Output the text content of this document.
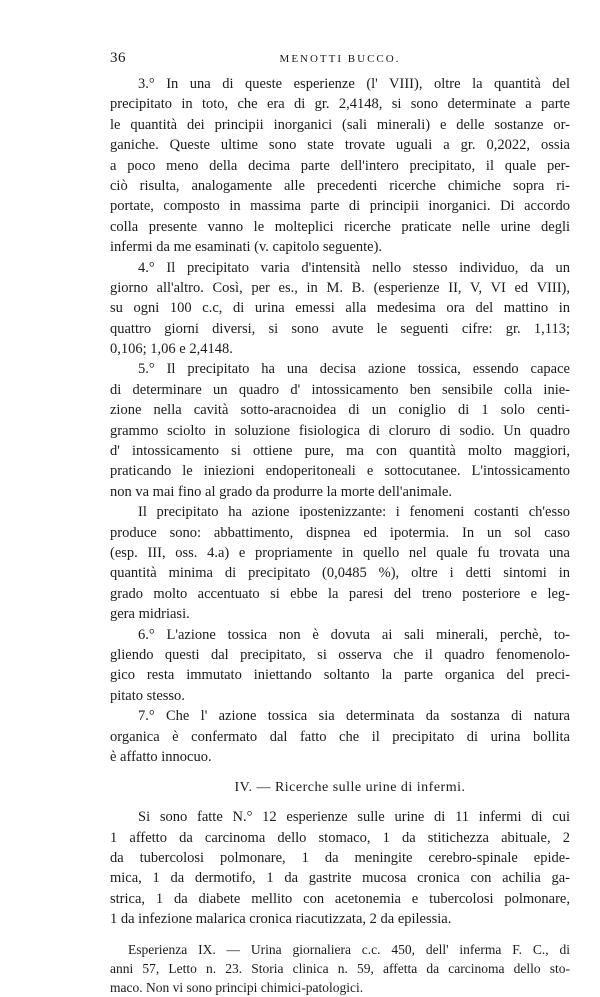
36	MENOTTI BUCCO.
3.° In una di queste esperienze (l' VIII), oltre la quantità del
precipitato in toto, che era di gr. 2,4148, si sono determinate a parte
le quantità dei principii inorganici (sali minerali) e delle sostanze or-
ganiche. Queste ultime sono state trovate uguali a gr. 0,2022, ossia
a poco meno della decima parte dell'intero precipitato, il quale per-
ciò risulta, analogamente alle precedenti ricerche chimiche sopra ri-
portate, composto in massima parte di principii inorganici. Di accordo
colla presente vanno le molteplici ricerche praticate nelle urine degli
infermi da me esaminati (v. capitolo seguente).
4.° Il precipitato varia d'intensità nello stesso individuo, da un
giorno all'altro. Così, per es., in M. B. (esperienze II, V, VI ed VIII),
su ogni 100 c.c, di urina emessi alla medesima ora del mattino in
quattro giorni diversi, si sono avute le seguenti cifre: gr. 1,113;
0,106; 1,06 e 2,4148.
5.° Il precipitato ha una decisa azione tossica, essendo capace
di determinare un quadro d' intossicamento ben sensibile colla inie-
zione nella cavità sotto-aracnoidea di un coniglio di 1 solo centi-
grammo sciolto in soluzione fisiologica di cloruro di sodio. Un quadro
d' intossicamento si ottiene pure, ma con quantità molto maggiori,
praticando le iniezioni endoperitoneali e sottocutanee. L'intossicamento
non va mai fino al grado da produrre la morte dell'animale.
Il precipitato ha azione ipostenizzante: i fenomeni costanti ch'esso
produce sono: abbattimento, dispnea ed ipotermia. In un sol caso
(esp. III, oss. 4.a) e propriamente in quello nel quale fu trovata una
quantità minima di precipitato (0,0485 %), oltre i detti sintomi in
grado molto accentuato si ebbe la paresi del treno posteriore e leg-
gera midriasi.
6.° L'azione tossica non è dovuta ai sali minerali, perchè, to-
gliendo questi dal precipitato, si osserva che il quadro fenomenolo-
gico resta immutato iniettando soltanto la parte organica del preci-
pitato stesso.
7.° Che l' azione tossica sia determinata da sostanza di natura
organica è confermato dal fatto che il precipitato di urina bollita
è affatto innocuo.
IV. — Ricerche sulle urine di infermi.
Si sono fatte N.° 12 esperienze sulle urine di 11 infermi di cui
1 affetto da carcinoma dello stomaco, 1 da stitichezza abituale, 2
da tubercolosi polmonare, 1 da meningite cerebro-spinale epide-
mica, 1 da dermotifo, 1 da gastrite mucosa cronica con achilia ga-
strica, 1 da diabete mellito con acetonemia e tubercolosi polmonare,
1 da infezione malarica cronica riacutizzata, 2 da epilessia.
Esperienza IX. — Urina giornaliera c.c. 450, dell' inferma F. C., di
anni 57, Letto n. 23. Storia clinica n. 59, affetta da carcinoma dello sto-
maco. Non vi sono principi chimici-patologici.
